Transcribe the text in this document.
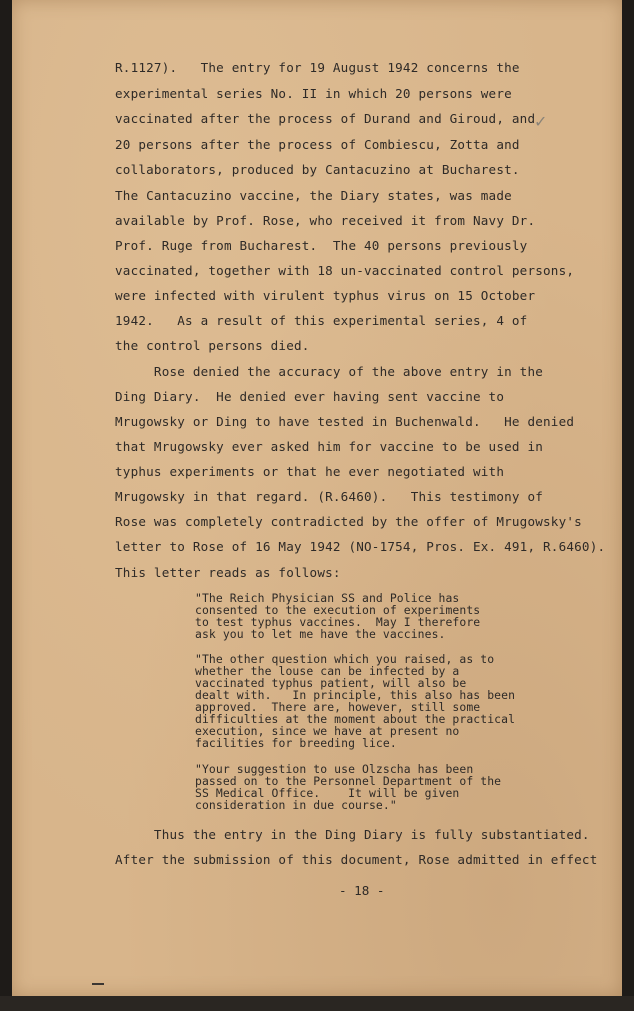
R.1127).   The entry for 19 August 1942 concerns the
experimental series No. II in which 20 persons were
vaccinated after the process of Durand and Giroud, and
20 persons after the process of Combiescu, Zotta and
collaborators, produced by Cantacuzino at Bucharest.
The Cantacuzino vaccine, the Diary states, was made
available by Prof. Rose, who received it from Navy Dr.
Prof. Ruge from Bucharest.  The 40 persons previously
vaccinated, together with 18 un-vaccinated control persons,
were infected with virulent typhus virus on 15 October
1942.   As a result of this experimental series, 4 of
the control persons died.
Rose denied the accuracy of the above entry in the
Ding Diary.  He denied ever having sent vaccine to
Mrugowsky or Ding to have tested in Buchenwald.   He denied
that Mrugowsky ever asked him for vaccine to be used in
typhus experiments or that he ever negotiated with
Mrugowsky in that regard. (R.6460).   This testimony of
Rose was completely contradicted by the offer of Mrugowsky's
letter to Rose of 16 May 1942 (NO-1754, Pros. Ex. 491, R.6460).
This letter reads as follows:
"The Reich Physician SS and Police has
consented to the execution of experiments
to test typhus vaccines.  May I therefore
ask you to let me have the vaccines.
"The other question which you raised, as to
whether the louse can be infected by a
vaccinated typhus patient, will also be
dealt with.   In principle, this also has been
approved.  There are, however, still some
difficulties at the moment about the practical
execution, since we have at present no
facilities for breeding lice.
"Your suggestion to use Olzscha has been
passed on to the Personnel Department of the
SS Medical Office.    It will be given
consideration in due course."
Thus the entry in the Ding Diary is fully substantiated.
After the submission of this document, Rose admitted in effect
- 18 -
✓
